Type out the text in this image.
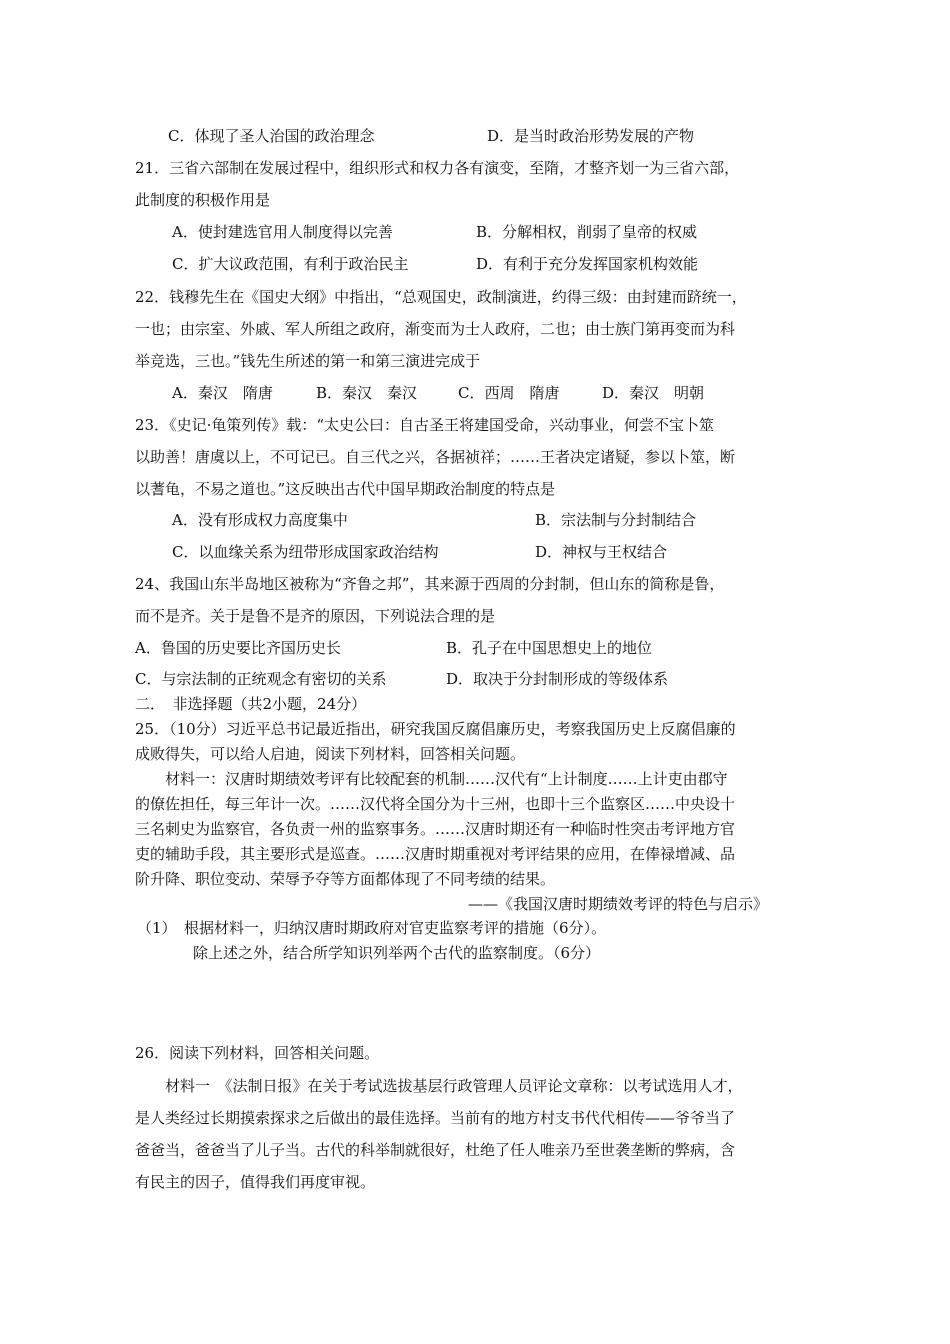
C．体现了圣人治国的政治理念	D．是当时政治形势发展的产物
21．三省六部制在发展过程中，组织形式和权力各有演变，至隋，才整齐划一为三省六部，
此制度的积极作用是
A．使封建选官用人制度得以完善	B．分解相权，削弱了皇帝的权威
C．扩大议政范围，有利于政治民主	D．有利于充分发挥国家机构效能
22．钱穆先生在《国史大纲》中指出，“总观国史，政制演进，约得三级：由封建而跻统一，
一也；由宗室、外戚、军人所组之政府，渐变而为士人政府，二也；由士族门第再变而为科
举竞选，三也。”钱先生所述的第一和第三演进完成于
A．秦汉　隋唐	B．秦汉　秦汉	C．西周　隋唐	D．秦汉　明朝
23．《史记·龟策列传》载：“太史公曰：自古圣王将建国受命，兴动事业，何尝不宝卜筮
以助善！唐虞以上，不可记已。自三代之兴，各据祯祥；……王者决定诸疑，参以卜筮，断
以蓍龟，不易之道也。”这反映出古代中国早期政治制度的特点是
A．没有形成权力高度集中	B．宗法制与分封制结合
C．以血缘关系为纽带形成国家政治结构	D．神权与王权结合
24、我国山东半岛地区被称为“齐鲁之邦”，其来源于西周的分封制，但山东的简称是鲁，
而不是齐。关于是鲁不是齐的原因，下列说法合理的是
A．鲁国的历史要比齐国历史长	B．孔子在中国思想史上的地位
C．与宗法制的正统观念有密切的关系	D．取决于分封制形成的等级体系
二．　非选择题（共2小题，24分）
25．（10分）习近平总书记最近指出，研究我国反腐倡廉历史，考察我国历史上反腐倡廉的
成败得失，可以给人启迪，阅读下列材料，回答相关问题。
材料一：汉唐时期绩效考评有比较配套的机制……汉代有“上计制度……上计吏由郡守
的僚佐担任，每三年计一次。……汉代将全国分为十三州，也即十三个监察区……中央设十
三名刺史为监察官，各负责一州的监察事务。……汉唐时期还有一种临时性突击考评地方官
吏的辅助手段，其主要形式是巡查。……汉唐时期重视对考评结果的应用，在俸禄增减、品
阶升降、职位变动、荣辱予夺等方面都体现了不同考绩的结果。
——《我国汉唐时期绩效考评的特色与启示》
（1）　根据材料一，归纳汉唐时期政府对官吏监察考评的措施（6分）。
除上述之外，结合所学知识列举两个古代的监察制度。（6分）
26．阅读下列材料，回答相关问题。
材料一　《法制日报》在关于考试选拔基层行政管理人员评论文章称：以考试选用人才，
是人类经过长期摸索探求之后做出的最佳选择。当前有的地方村支书代代相传——爷爷当了
爸爸当，爸爸当了儿子当。古代的科举制就很好，杜绝了任人唯亲乃至世袭垄断的弊病，含
有民主的因子，值得我们再度审视。
